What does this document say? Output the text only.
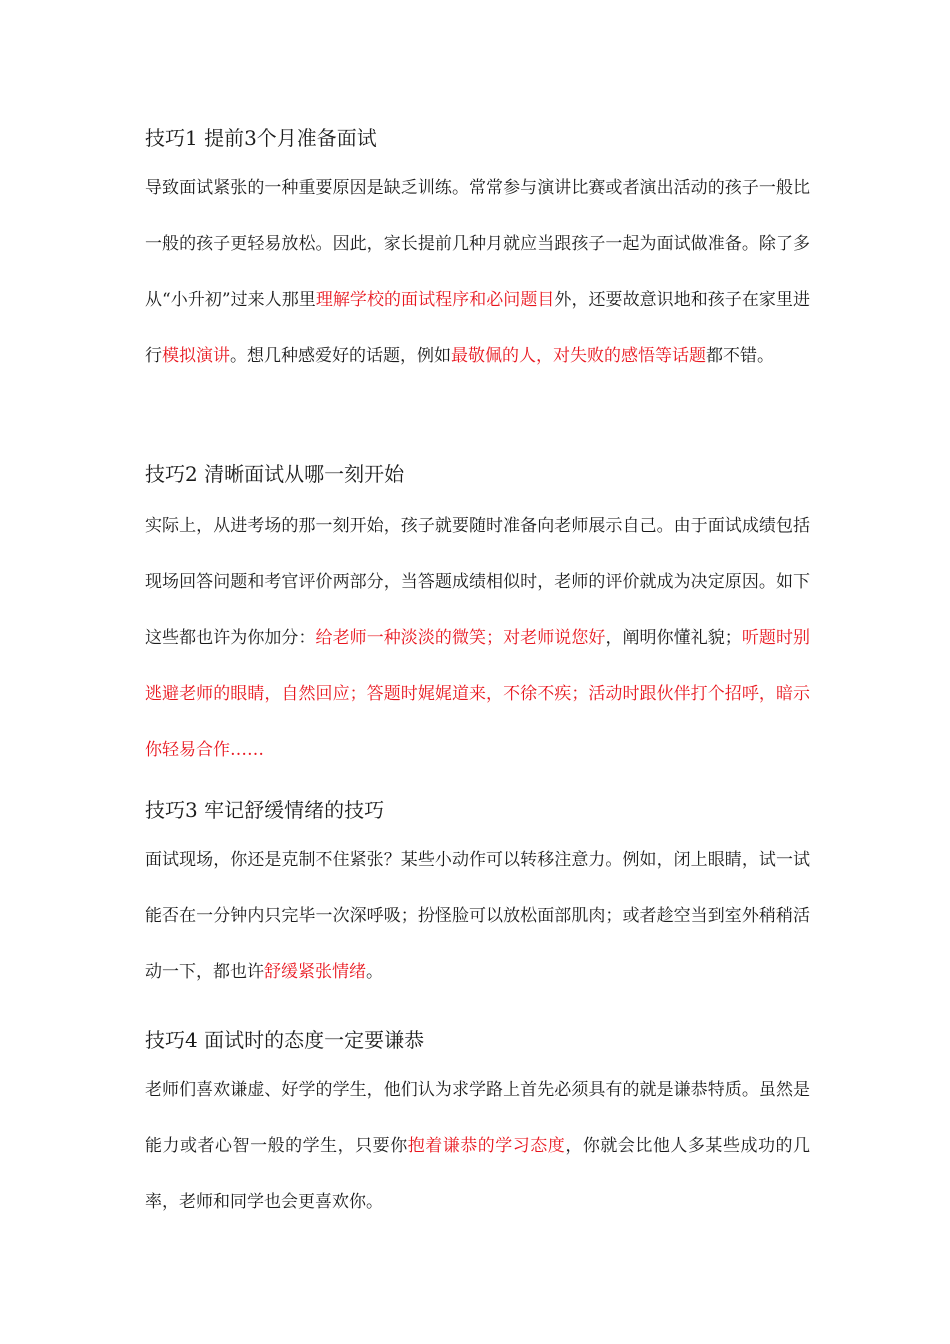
技巧1 提前3个月准备面试
导致面试紧张的一种重要原因是缺乏训练。常常参与演讲比赛或者演出活动的孩子一般比一般的孩子更轻易放松。因此，家长提前几种月就应当跟孩子一起为面试做准备。除了多从“小升初”过来人那里理解学校的面试程序和必问题目外，还要故意识地和孩子在家里进行模拟演讲。想几种感爱好的话题，例如最敬佩的人，对失败的感悟等话题都不错。
技巧2 清晰面试从哪一刻开始
实际上，从进考场的那一刻开始，孩子就要随时准备向老师展示自己。由于面试成绩包括现场回答问题和考官评价两部分，当答题成绩相似时，老师的评价就成为决定原因。如下这些都也许为你加分：给老师一种淡淡的微笑；对老师说您好，阐明你懂礼貌；听题时别逃避老师的眼睛，自然回应；答题时娓娓道来，不徐不疾；活动时跟伙伴打个招呼，暗示你轻易合作……
技巧3 牢记舒缓情绪的技巧
面试现场，你还是克制不住紧张？某些小动作可以转移注意力。例如，闭上眼睛，试一试能否在一分钟内只完毕一次深呼吸；扮怪脸可以放松面部肌肉；或者趁空当到室外稍稍活动一下，都也许舒缓紧张情绪。
技巧4 面试时的态度一定要谦恭
老师们喜欢谦虚、好学的学生，他们认为求学路上首先必须具有的就是谦恭特质。虽然是能力或者心智一般的学生，只要你抱着谦恭的学习态度，你就会比他人多某些成功的几率，老师和同学也会更喜欢你。
